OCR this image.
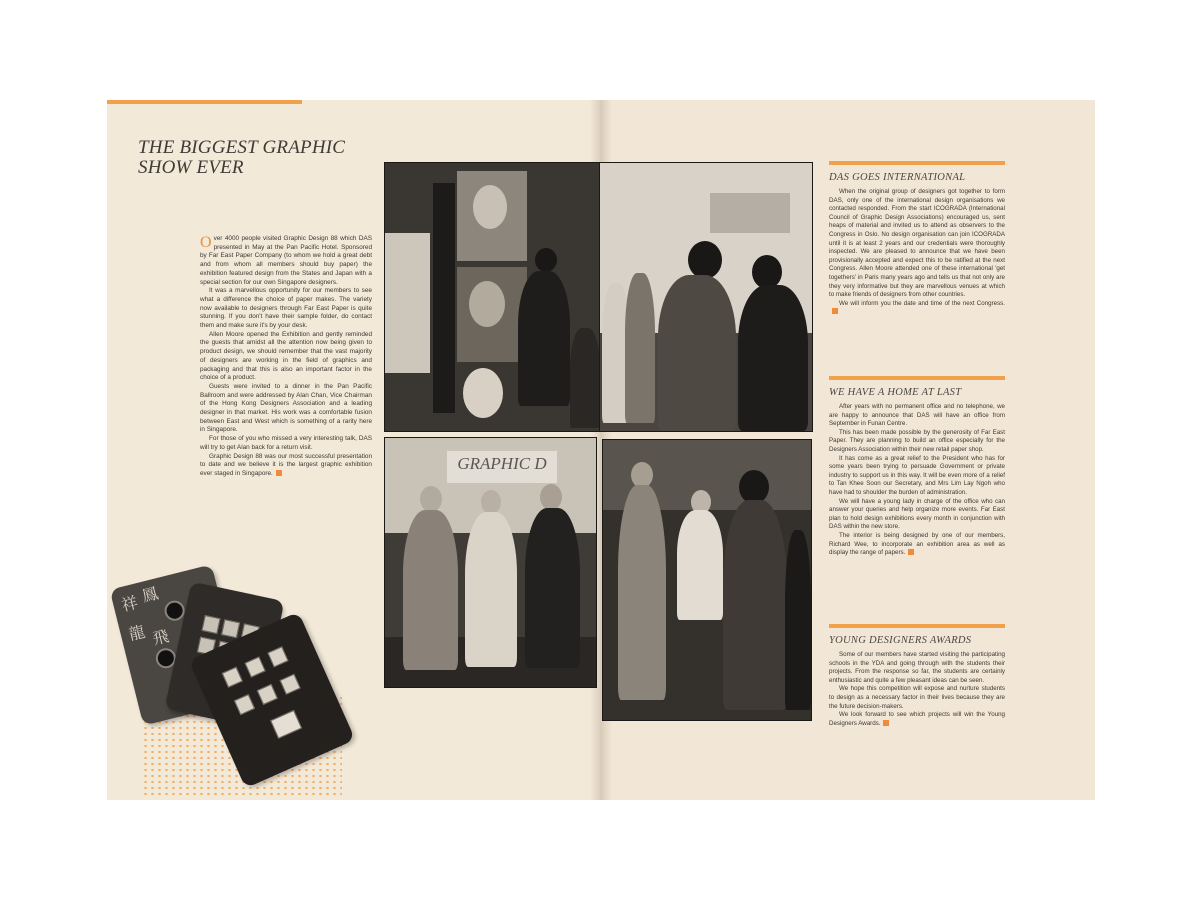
THE BIGGEST GRAPHIC
SHOW EVER

Over 4000 people visited Graphic Design 88 which DAS presented in May at the Pan Pacific Hotel. Sponsored by Far East Paper Company (to whom we hold a great debt and from whom all members should buy paper) the exhibition featured design from the States and Japan with a special section for our own Singapore designers.

It was a marvellous opportunity for our members to see what a difference the choice of paper makes. The variety now available to designers through Far East Paper is quite stunning. If you don't have their sample folder, do contact them and make sure it's by your desk.

Allen Moore opened the Exhibition and gently reminded the guests that amidst all the attention now being given to product design, we should remember that the vast majority of designers are working in the field of graphics and packaging and that this is also an important factor in the choice of a product.

Guests were invited to a dinner in the Pan Pacific Ballroom and were addressed by Alan Chan, Vice Chairman of the Hong Kong Designers Association and a leading designer in that market. His work was a comfortable fusion between East and West which is something of a rarity here in Singapore.

For those of you who missed a very interesting talk, DAS will try to get Alan back for a return visit.

Graphic Design 88 was our most successful presentation to date and we believe it is the largest graphic exhibition ever staged in Singapore.

GRAPHIC D
祥 鳳
龍 飛
DAS GOES INTERNATIONAL

When the original group of designers got together to form DAS, only one of the international design organisations we contacted responded. From the start ICOGRADA (International Council of Graphic Design Associations) encouraged us, sent heaps of material and invited us to attend as observers to the Congress in Oslo. No design organisation can join ICOGRADA until it is at least 2 years and our credentials were thoroughly inspected. We are pleased to announce that we have been provisionally accepted and expect this to be ratified at the next Congress. Allen Moore attended one of these international 'get togethers' in Paris many years ago and tells us that not only are they very informative but they are marvellous venues at which to make friends of designers from other countries.

We will inform you the date and time of the next Congress.

WE HAVE A HOME AT LAST

After years with no permanent office and no telephone, we are happy to announce that DAS will have an office from September in Funan Centre.

This has been made possible by the generosity of Far East Paper. They are planning to build an office especially for the Designers Association within their new retail paper shop.

It has come as a great relief to the President who has for some years been trying to persuade Government or private industry to support us in this way. It will be even more of a relief to Tan Khee Soon our Secretary, and Mrs Lim Lay Ngoh who have had to shoulder the burden of administration.

We will have a young lady in charge of the office who can answer your queries and help organize more events. Far East plan to hold design exhibitions every month in conjunction with DAS within the new store.

The interior is being designed by one of our members, Richard Wee, to incorporate an exhibition area as well as display the range of papers.

YOUNG DESIGNERS AWARDS

Some of our members have started visiting the participating schools in the YDA and going through with the students their projects. From the response so far, the students are certainly enthusiastic and quite a few pleasant ideas can be seen.

We hope this competition will expose and nurture students to design as a necessary factor in their lives because they are the future decision-makers.

We look forward to see which projects will win the Young Designers Awards.
